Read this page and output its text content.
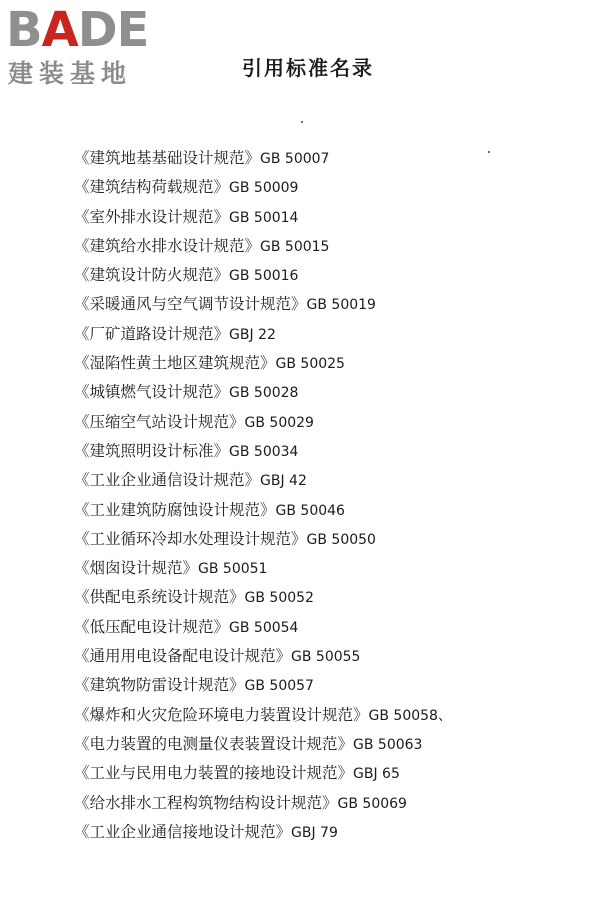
BADE
建装基地	引用标准名录
《建筑地基基础设计规范》GB 50007
《建筑结构荷载规范》GB 50009
《室外排水设计规范》GB 50014
《建筑给水排水设计规范》GB 50015
《建筑设计防火规范》GB 50016
《采暖通风与空气调节设计规范》GB 50019
《厂矿道路设计规范》GBJ 22
《湿陷性黄土地区建筑规范》GB 50025
《城镇燃气设计规范》GB 50028
《压缩空气站设计规范》GB 50029
《建筑照明设计标准》GB 50034
《工业企业通信设计规范》GBJ 42
《工业建筑防腐蚀设计规范》GB 50046
《工业循环冷却水处理设计规范》GB 50050
《烟囱设计规范》GB 50051
《供配电系统设计规范》GB 50052
《低压配电设计规范》GB 50054
《通用用电设备配电设计规范》GB 50055
《建筑物防雷设计规范》GB 50057
《爆炸和火灾危险环境电力装置设计规范》GB 50058、
《电力装置的电测量仪表装置设计规范》GB 50063
《工业与民用电力装置的接地设计规范》GBJ 65
《给水排水工程构筑物结构设计规范》GB 50069
《工业企业通信接地设计规范》GBJ 79
